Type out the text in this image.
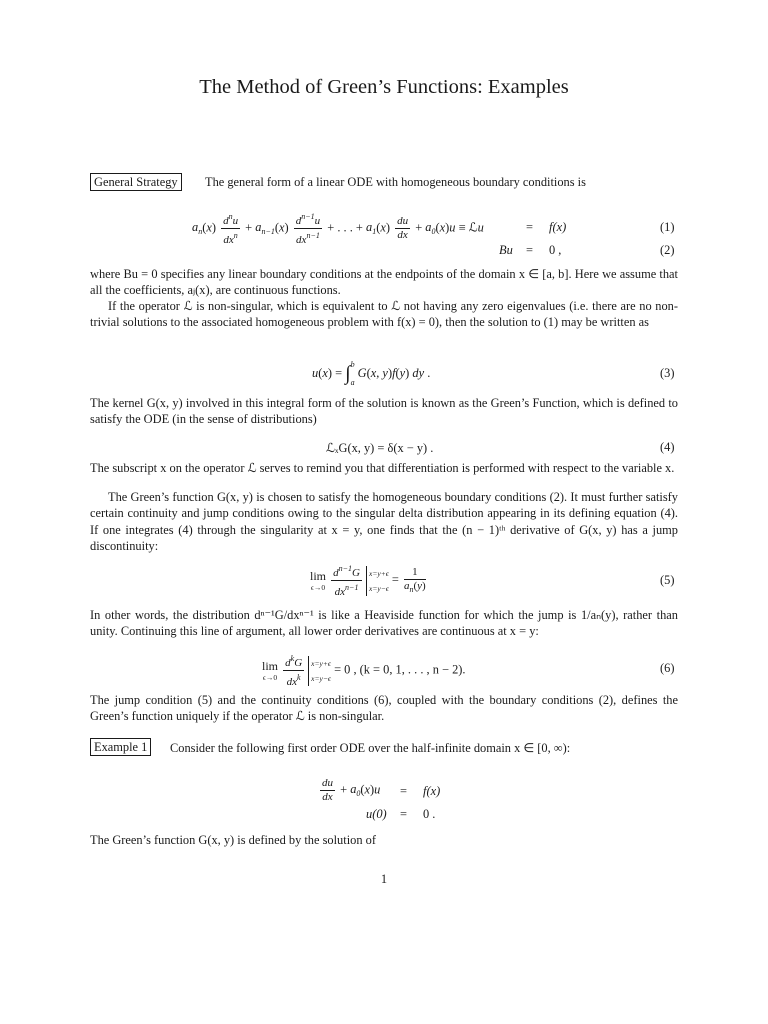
The Method of Green’s Functions: Examples
General Strategy	The general form of a linear ODE with homogeneous boundary conditions is
$a_n(x) \frac{d^nu}{dx^n} + a_{n-1}(x) \frac{d^{n-1}u}{dx^{n-1}}$ + . . . + $a_1(x) \frac{du}{dx} + a_0(x)u$ ≡ ℒu	= f(x)	(1)
Bu = 0 ,	(2)
where Bu = 0 specifies any linear boundary conditions at the endpoints of the domain x ∈ [a, b]. Here we assume that all the coefficients, aⱼ(x), are continuous functions.
If the operator ℒ is non-singular, which is equivalent to ℒ not having any zero eigenvalues (i.e. there are no non-trivial solutions to the associated homogeneous problem with f(x) = 0), then the solution to (1) may be written as
u(x) = ∫b
aG(x, y)f(y) dy .	(3)
The kernel G(x, y) involved in this integral form of the solution is known as the Green’s Function, which is defined to satisfy the ODE (in the sense of distributions)
ℒₓG(x, y) = δ(x − y) .	(4)
The subscript x on the operator ℒ serves to remind you that differentiation is performed with respect to the variable x.
The Green’s function G(x, y) is chosen to satisfy the homogeneous boundary conditions (2). It must further satisfy certain continuity and jump conditions owing to the singular delta distribution appearing in its defining equation (4). If one integrates (4) through the singularity at x = y, one finds that the (n − 1)ᵗʰ derivative of G(x, y) has a jump discontinuity:
lim
ϵ→0
$\frac{d^{n-1}G}{dx^{n-1}} x=y+\epsilon$
$x=y-\epsilon = \frac{1}{a_n(y)}$	(5)
In other words, the distribution dⁿ⁻¹G/dxⁿ⁻¹ is like a Heaviside function for which the jump is 1/aₙ(y), rather than unity. Continuing this line of argument, all lower order derivatives are continuous at x = y:
lim
ϵ→0
$\frac{d^kG}{dx^k} x=y+\epsilon$
x=y−ϵ = 0 , (k = 0, 1, . . . , n − 2).	(6)
The jump condition (5) and the continuity conditions (6), coupled with the boundary conditions (2), defines the Green’s function uniquely if the operator ℒ is non-singular.
Example 1	Consider the following first order ODE over the half-infinite domain x ∈ [0, ∞):
$\frac{du}{dx} + a_0(x)u = f(x)$
u(0) = 0 .
The Green’s function G(x, y) is defined by the solution of
1
